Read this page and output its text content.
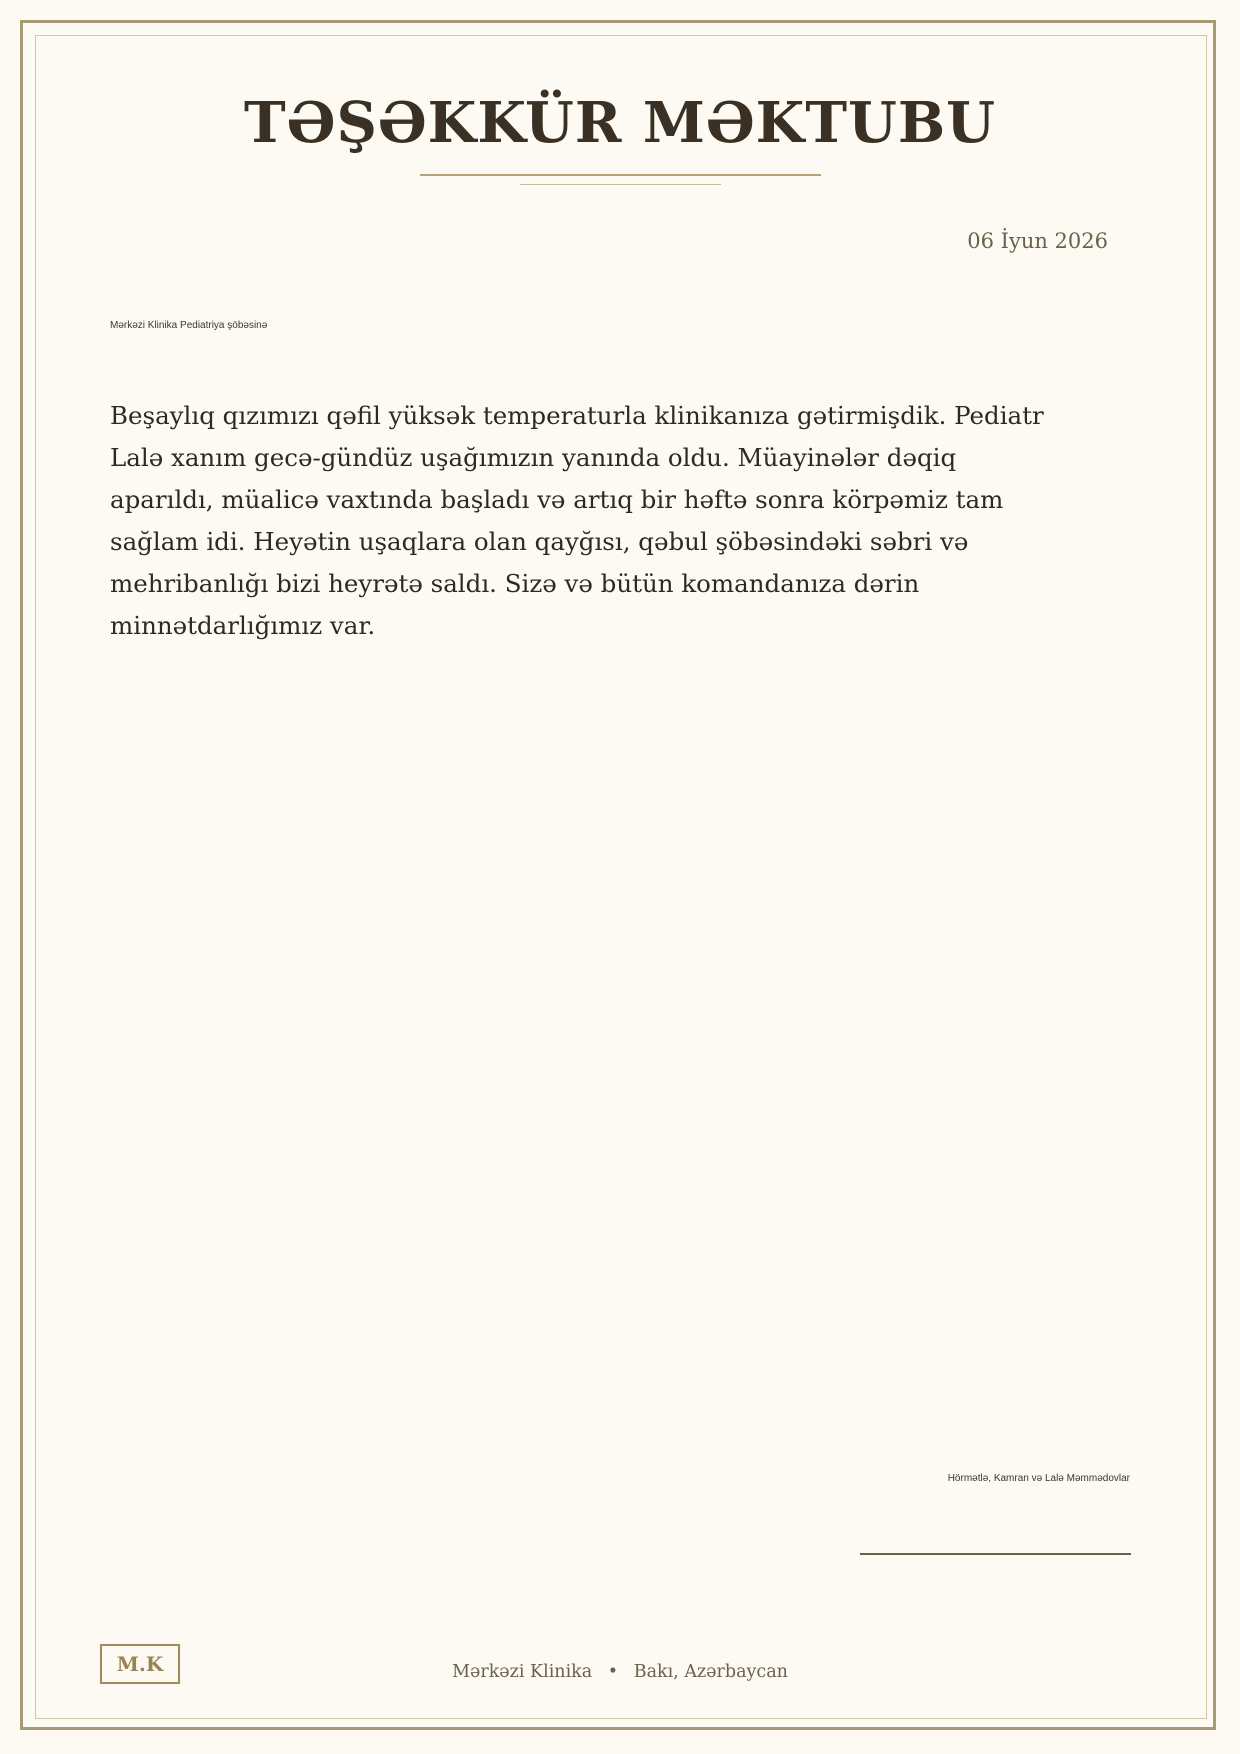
TƏŞƏKKÜR MƏKTUBU
06 İyun 2026
Mərkəzi Klinika Pediatriya şöbəsinə

Beşaylıq qızımızı qəfil yüksək temperaturla klinikanıza gətirmişdik. Pediatr Lalə xanım gecə-gündüz uşağımızın yanında oldu. Müayinələr dəqiq aparıldı, müalicə vaxtında başladı və artıq bir həftə sonra körpəmiz tam sağlam idi. Heyətin uşaqlara olan qayğısı, qəbul şöbəsindəki səbri və mehribanlığı bizi heyrətə saldı. Sizə və bütün komandanıza dərin minnətdarlığımız var.

Hörmətlə, Kamran və Lalə Məmmədovlar
M.K	Mərkəzi Klinika • Bakı, Azərbaycan
